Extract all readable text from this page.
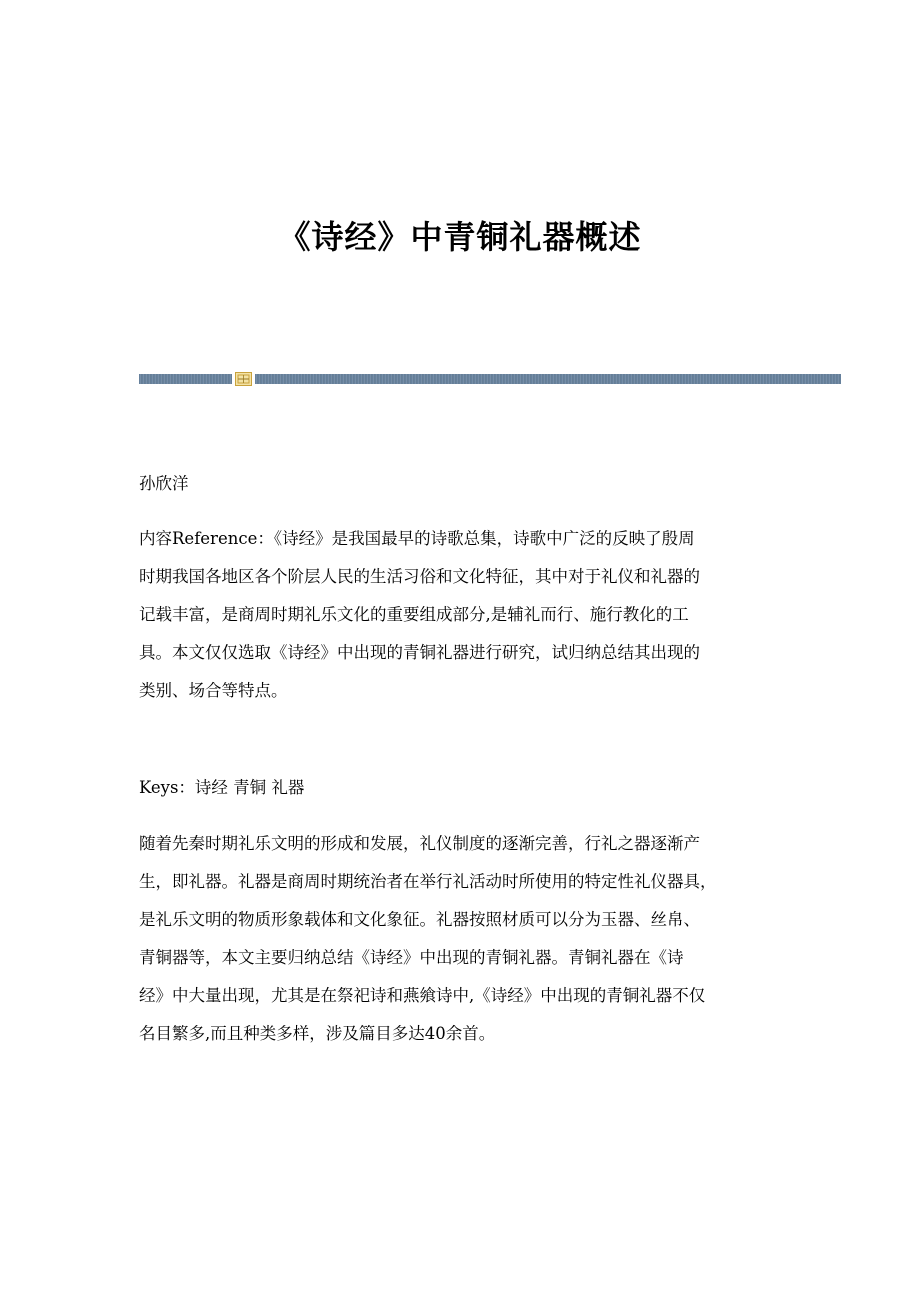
《诗经》中青铜礼器概述

孙欣洋

内容Reference：《诗经》是我国最早的诗歌总集，诗歌中广泛的反映了殷周
时期我国各地区各个阶层人民的生活习俗和文化特征，其中对于礼仪和礼器的
记载丰富，是商周时期礼乐文化的重要组成部分,是辅礼而行、施行教化的工
具。本文仅仅选取《诗经》中出现的青铜礼器进行研究，试归纳总结其出现的
类别、场合等特点。

Keys：诗经 青铜 礼器

随着先秦时期礼乐文明的形成和发展，礼仪制度的逐渐完善，行礼之器逐渐产
生，即礼器。礼器是商周时期统治者在举行礼活动时所使用的特定性礼仪器具，
是礼乐文明的物质形象载体和文化象征。礼器按照材质可以分为玉器、丝帛、
青铜器等，本文主要归纳总结《诗经》中出现的青铜礼器。青铜礼器在《诗
经》中大量出现，尤其是在祭祀诗和燕飨诗中,《诗经》中出现的青铜礼器不仅
名目繁多,而且种类多样，涉及篇目多达40余首。
